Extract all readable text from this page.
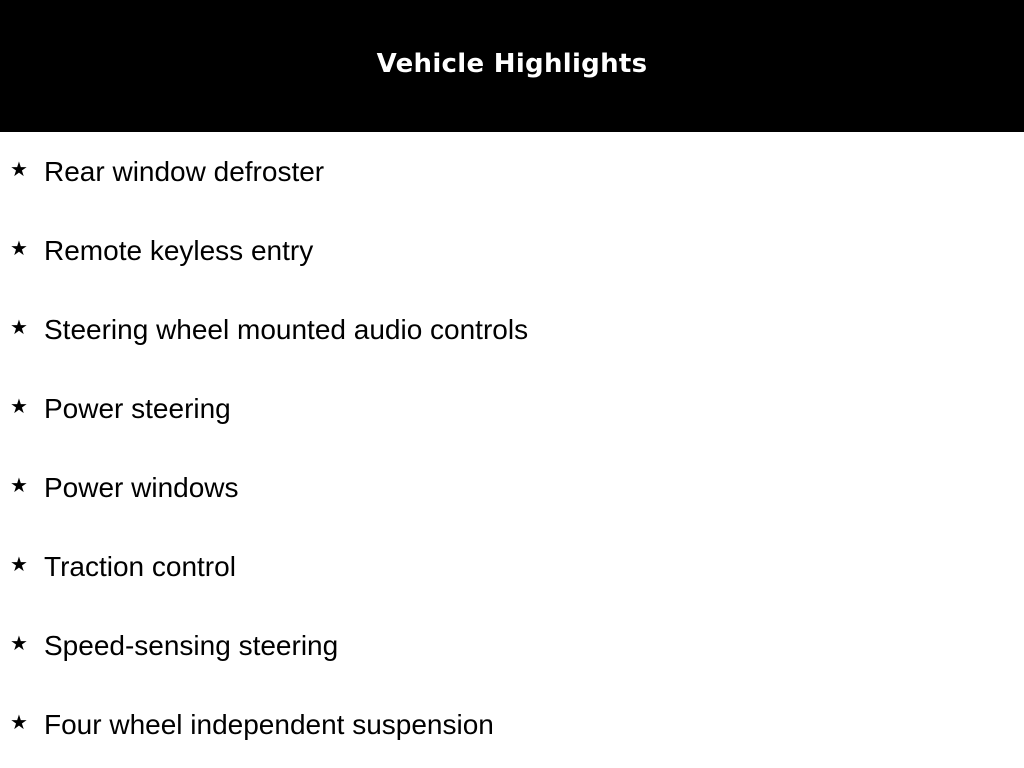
Vehicle Highlights
★ Rear window defroster
★ Remote keyless entry
★ Steering wheel mounted audio controls
★ Power steering
★ Power windows
★ Traction control
★ Speed-sensing steering
★ Four wheel independent suspension
